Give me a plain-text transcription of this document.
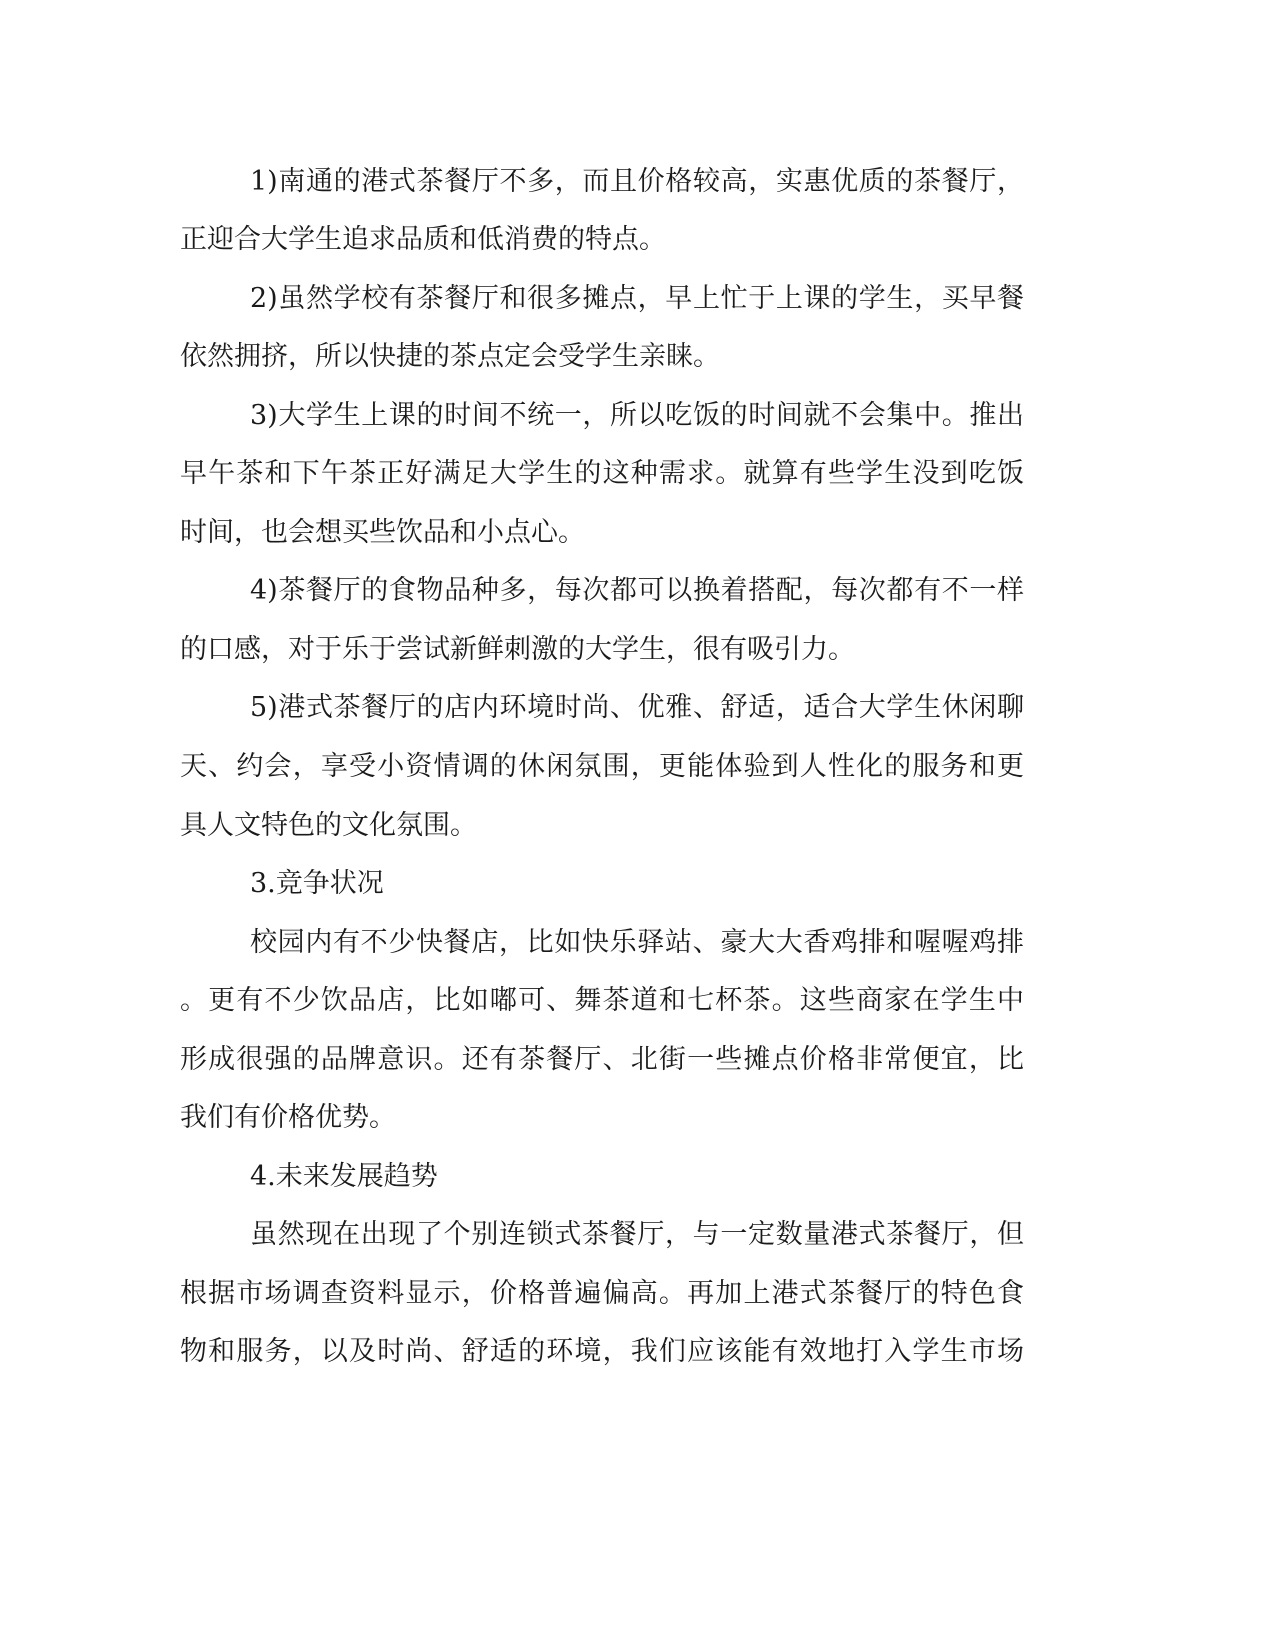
1)南通的港式茶餐厅不多，而且价格较高，实惠优质的茶餐厅，
正迎合大学生追求品质和低消费的特点。
2)虽然学校有茶餐厅和很多摊点，早上忙于上课的学生，买早餐
依然拥挤，所以快捷的茶点定会受学生亲睐。
3)大学生上课的时间不统一，所以吃饭的时间就不会集中。推出
早午茶和下午茶正好满足大学生的这种需求。就算有些学生没到吃饭
时间，也会想买些饮品和小点心。
4)茶餐厅的食物品种多，每次都可以换着搭配，每次都有不一样
的口感，对于乐于尝试新鲜刺激的大学生，很有吸引力。
5)港式茶餐厅的店内环境时尚、优雅、舒适，适合大学生休闲聊
天、约会，享受小资情调的休闲氛围，更能体验到人性化的服务和更
具人文特色的文化氛围。
3.竞争状况
校园内有不少快餐店，比如快乐驿站、豪大大香鸡排和喔喔鸡排
。更有不少饮品店，比如嘟可、舞茶道和七杯茶。这些商家在学生中
形成很强的品牌意识。还有茶餐厅、北街一些摊点价格非常便宜，比
我们有价格优势。
4.未来发展趋势
虽然现在出现了个别连锁式茶餐厅，与一定数量港式茶餐厅，但
根据市场调查资料显示，价格普遍偏高。再加上港式茶餐厅的特色食
物和服务，以及时尚、舒适的环境，我们应该能有效地打入学生市场
